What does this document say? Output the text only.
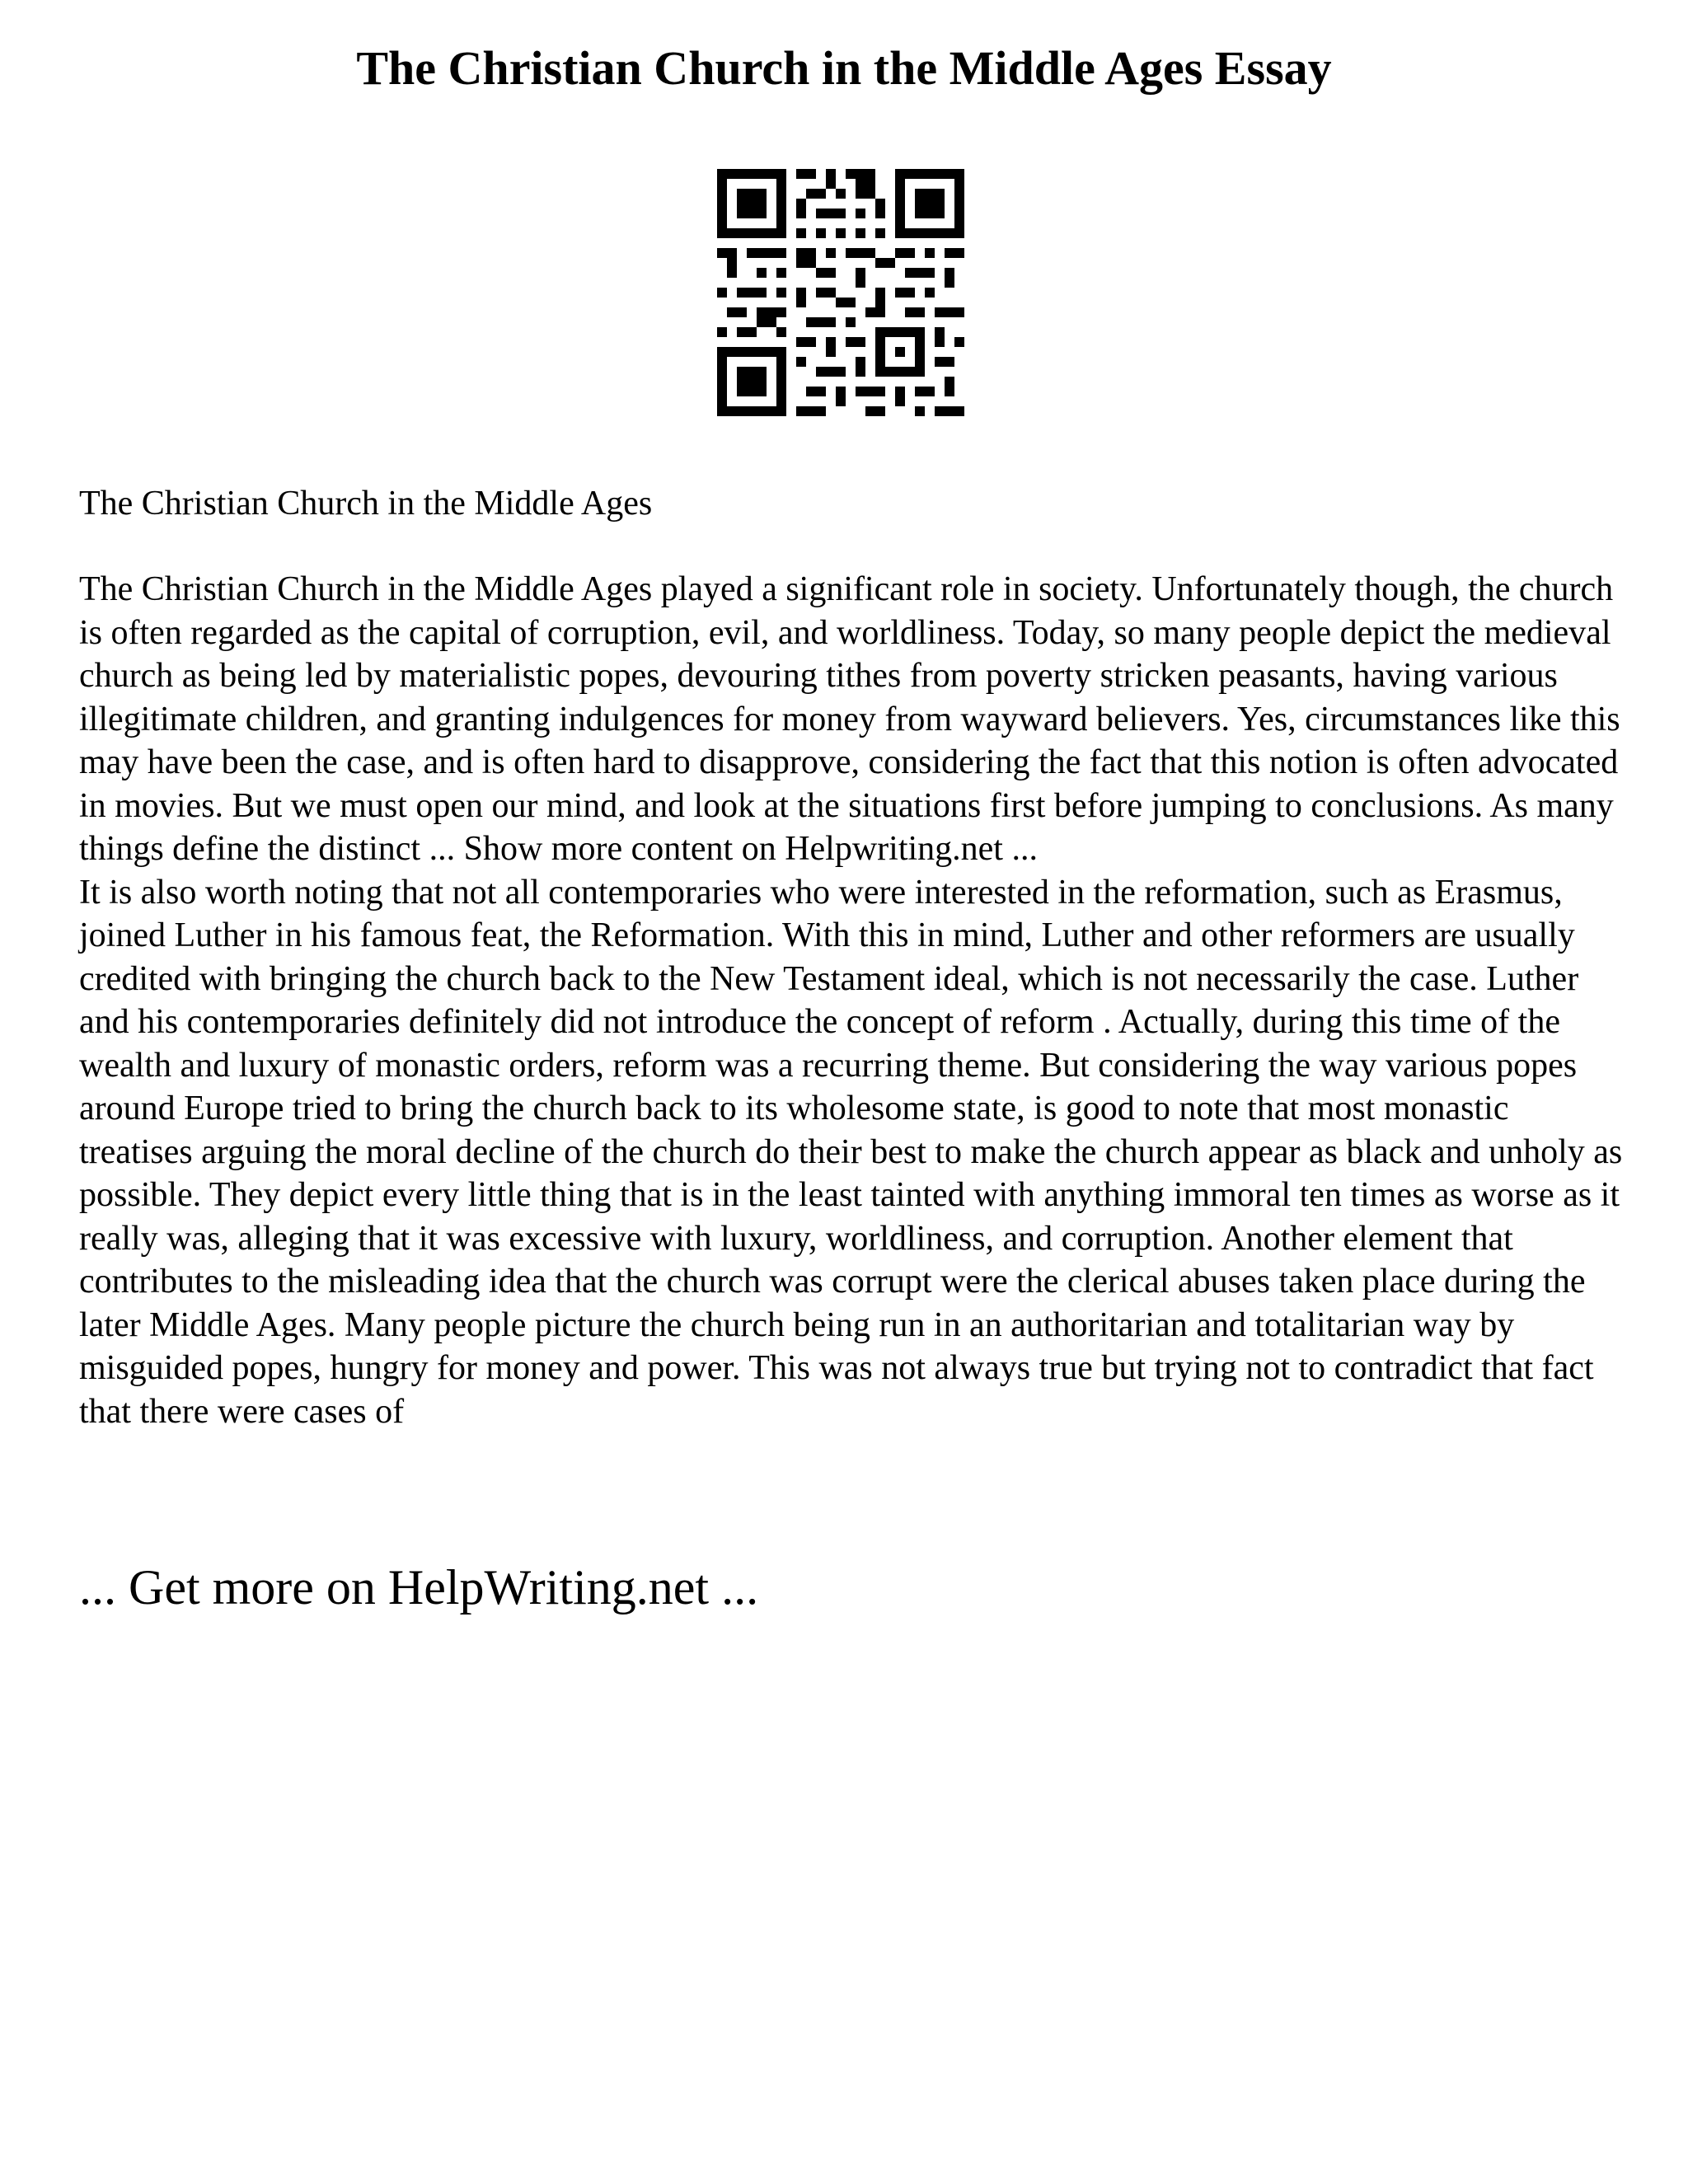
The Christian Church in the Middle Ages Essay

The Christian Church in the Middle Ages

The Christian Church in the Middle Ages played a significant role in society. Unfortunately though, the church is often regarded as the capital of corruption, evil, and worldliness. Today, so many people depict the medieval church as being led by materialistic popes, devouring tithes from poverty stricken peasants, having various illegitimate children, and granting indulgences for money from wayward believers. Yes, circumstances like this may have been the case, and is often hard to disapprove, considering the fact that this notion is often advocated in movies. But we must open our mind, and look at the situations first before jumping to conclusions. As many things define the distinct ... Show more content on Helpwriting.net ...

It is also worth noting that not all contemporaries who were interested in the reformation, such as Erasmus, joined Luther in his famous feat, the Reformation. With this in mind, Luther and other reformers are usually credited with bringing the church back to the New Testament ideal, which is not necessarily the case. Luther and his contemporaries definitely did not introduce the concept of reform . Actually, during this time of the wealth and luxury of monastic orders, reform was a recurring theme. But considering the way various popes around Europe tried to bring the church back to its wholesome state, is good to note that most monastic treatises arguing the moral decline of the church do their best to make the church appear as black and unholy as possible. They depict every little thing that is in the least tainted with anything immoral ten times as worse as it really was, alleging that it was excessive with luxury, worldliness, and corruption. Another element that contributes to the misleading idea that the church was corrupt were the clerical abuses taken place during the later Middle Ages. Many people picture the church being run in an authoritarian and totalitarian way by misguided popes, hungry for money and power. This was not always true but trying not to contradict that fact that there were cases of

... Get more on HelpWriting.net ...
